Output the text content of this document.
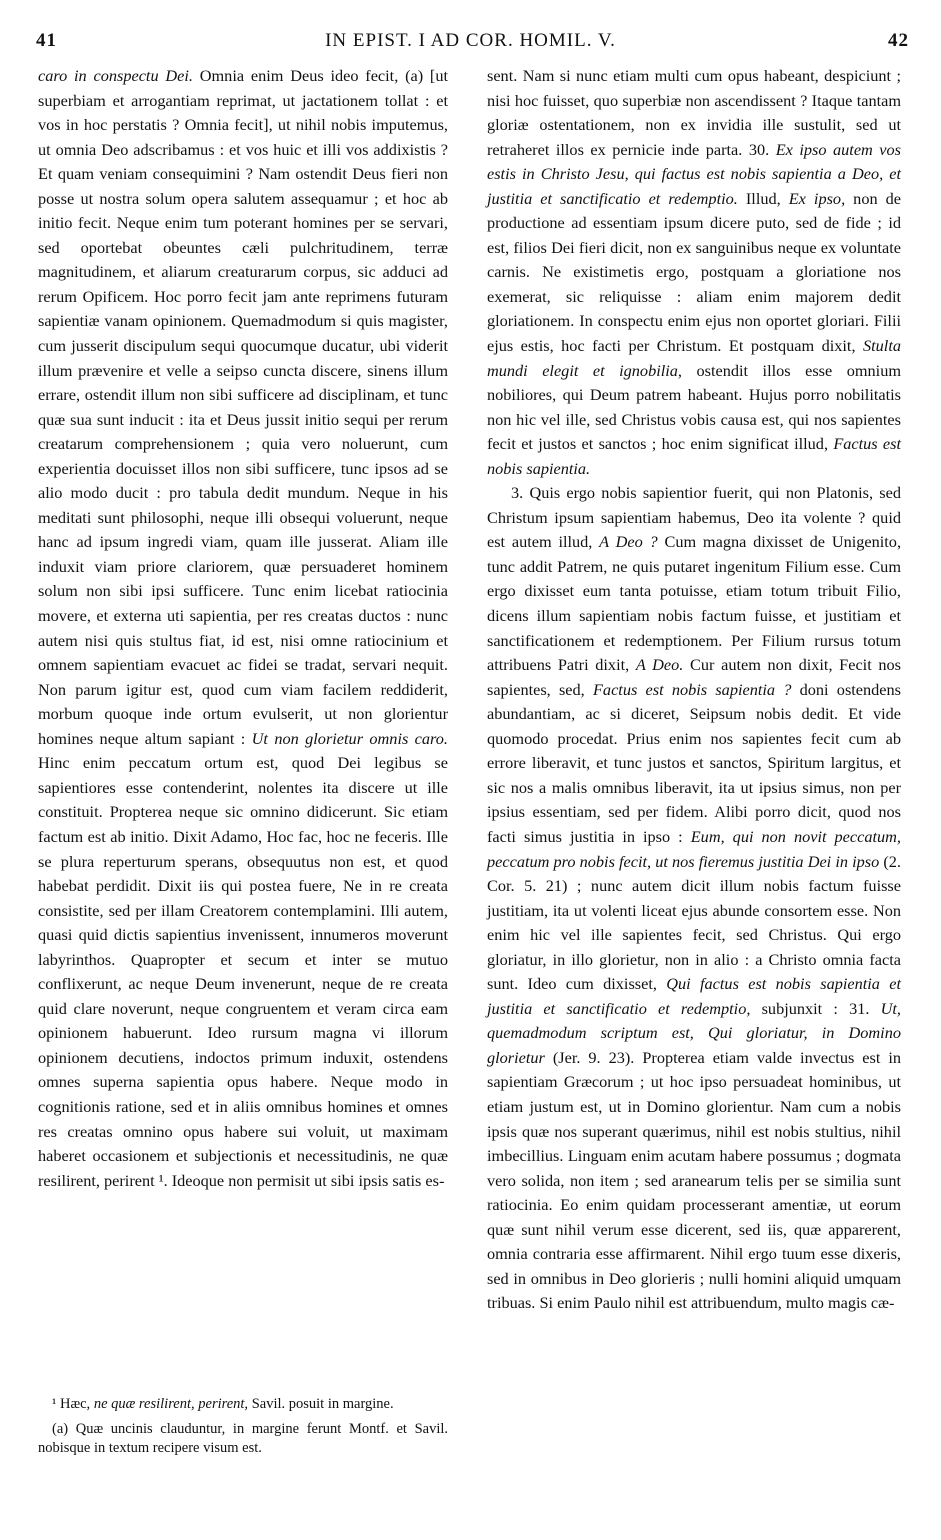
41	IN EPIST. I AD COR. HOMIL. V.	42

caro in conspectu Dei. Omnia enim Deus ideo fecit, (a) [ut superbiam et arrogantiam reprimat, ut jactationem tollat : et vos in hoc perstatis ? Omnia fecit], ut nihil nobis imputemus, ut omnia Deo adscribamus : et vos huic et illi vos addixistis ? Et quam veniam consequimini ? Nam ostendit Deus fieri non posse ut nostra solum opera salutem assequamur ; et hoc ab initio fecit. Neque enim tum poterant homines per se servari, sed oportebat obeuntes cæli pulchritudinem, terræ magnitudinem, et aliarum creaturarum corpus, sic adduci ad rerum Opificem. Hoc porro fecit jam ante reprimens futuram sapientiæ vanam opinionem. Quemadmodum si quis magister, cum jusserit discipulum sequi quocumque ducatur, ubi viderit illum prævenire et velle a seipso cuncta discere, sinens illum errare, ostendit illum non sibi sufficere ad disciplinam, et tunc quæ sua sunt inducit : ita et Deus jussit initio sequi per rerum creatarum comprehensionem ; quia vero noluerunt, cum experientia docuisset illos non sibi sufficere, tunc ipsos ad se alio modo ducit : pro tabula dedit mundum. Neque in his meditati sunt philosophi, neque illi obsequi voluerunt, neque hanc ad ipsum ingredi viam, quam ille jusserat. Aliam ille induxit viam priore clariorem, quæ persuaderet hominem solum non sibi ipsi sufficere. Tunc enim licebat ratiocinia movere, et externa uti sapientia, per res creatas ductos : nunc autem nisi quis stultus fiat, id est, nisi omne ratiocinium et omnem sapientiam evacuet ac fidei se tradat, servari nequit. Non parum igitur est, quod cum viam facilem reddiderit, morbum quoque inde ortum evulserit, ut non glorientur homines neque altum sapiant : Ut non glorietur omnis caro. Hinc enim peccatum ortum est, quod Dei legibus se sapientiores esse contenderint, nolentes ita discere ut ille constituit. Propterea neque sic omnino didicerunt. Sic etiam factum est ab initio. Dixit Adamo, Hoc fac, hoc ne feceris. Ille se plura reperturum sperans, obsequutus non est, et quod habebat perdidit. Dixit iis qui postea fuere, Ne in re creata consistite, sed per illam Creatorem contemplamini. Illi autem, quasi quid dictis sapientius invenissent, innumeros moverunt labyrinthos. Quapropter et secum et inter se mutuo conflixerunt, ac neque Deum invenerunt, neque de re creata quid clare noverunt, neque congruentem et veram circa eam opinionem habuerunt. Ideo rursum magna vi illorum opinionem decutiens, indoctos primum induxit, ostendens omnes superna sapientia opus habere. Neque modo in cognitionis ratione, sed et in aliis omnibus homines et omnes res creatas omnino opus habere sui voluit, ut maximam haberet occasionem et subjectionis et necessitudinis, ne quæ resilirent, perirent ¹. Ideoque non permisit ut sibi ipsis satis es-

¹ Hæc, ne quæ resilirent, perirent, Savil. posuit in margine.

(a) Quæ uncinis clauduntur, in margine ferunt Montf. et Savil. nobisque in textum recipere visum est.

sent. Nam si nunc etiam multi cum opus habeant, despiciunt ; nisi hoc fuisset, quo superbiæ non ascendissent ? Itaque tantam gloriæ ostentationem, non ex invidia ille sustulit, sed ut retraheret illos ex pernicie inde parta. 30. Ex ipso autem vos estis in Christo Jesu, qui factus est nobis sapientia a Deo, et justitia et sanctificatio et redemptio. Illud, Ex ipso, non de productione ad essentiam ipsum dicere puto, sed de fide ; id est, filios Dei fieri dicit, non ex sanguinibus neque ex voluntate carnis. Ne existimetis ergo, postquam a gloriatione nos exemerat, sic reliquisse : aliam enim majorem dedit gloriationem. In conspectu enim ejus non oportet gloriari. Filii ejus estis, hoc facti per Christum. Et postquam dixit, Stulta mundi elegit et ignobilia, ostendit illos esse omnium nobiliores, qui Deum patrem habeant. Hujus porro nobilitatis non hic vel ille, sed Christus vobis causa est, qui nos sapientes fecit et justos et sanctos ; hoc enim significat illud, Factus est nobis sapientia.

3. Quis ergo nobis sapientior fuerit, qui non Platonis, sed Christum ipsum sapientiam habemus, Deo ita volente ? quid est autem illud, A Deo ? Cum magna dixisset de Unigenito, tunc addit Patrem, ne quis putaret ingenitum Filium esse. Cum ergo dixisset eum tanta potuisse, etiam totum tribuit Filio, dicens illum sapientiam nobis factum fuisse, et justitiam et sanctificationem et redemptionem. Per Filium rursus totum attribuens Patri dixit, A Deo. Cur autem non dixit, Fecit nos sapientes, sed, Factus est nobis sapientia ? doni ostendens abundantiam, ac si diceret, Seipsum nobis dedit. Et vide quomodo procedat. Prius enim nos sapientes fecit cum ab errore liberavit, et tunc justos et sanctos, Spiritum largitus, et sic nos a malis omnibus liberavit, ita ut ipsius simus, non per ipsius essentiam, sed per fidem. Alibi porro dicit, quod nos facti simus justitia in ipso : Eum, qui non novit peccatum, peccatum pro nobis fecit, ut nos fieremus justitia Dei in ipso (2. Cor. 5. 21) ; nunc autem dicit illum nobis factum fuisse justitiam, ita ut volenti liceat ejus abunde consortem esse. Non enim hic vel ille sapientes fecit, sed Christus. Qui ergo gloriatur, in illo glorietur, non in alio : a Christo omnia facta sunt. Ideo cum dixisset, Qui factus est nobis sapientia et justitia et sanctificatio et redemptio, subjunxit : 31. Ut, quemadmodum scriptum est, Qui gloriatur, in Domino glorietur (Jer. 9. 23). Propterea etiam valde invectus est in sapientiam Græcorum ; ut hoc ipso persuadeat hominibus, ut etiam justum est, ut in Domino glorientur. Nam cum a nobis ipsis quæ nos superant quærimus, nihil est nobis stultius, nihil imbecillius. Linguam enim acutam habere possumus ; dogmata vero solida, non item ; sed aranearum telis per se similia sunt ratiocinia. Eo enim quidam processerant amentiæ, ut eorum quæ sunt nihil verum esse dicerent, sed iis, quæ apparerent, omnia contraria esse affirmarent. Nihil ergo tuum esse dixeris, sed in omnibus in Deo glorieris ; nulli homini aliquid umquam tribuas. Si enim Paulo nihil est attribuendum, multo magis cæ-
